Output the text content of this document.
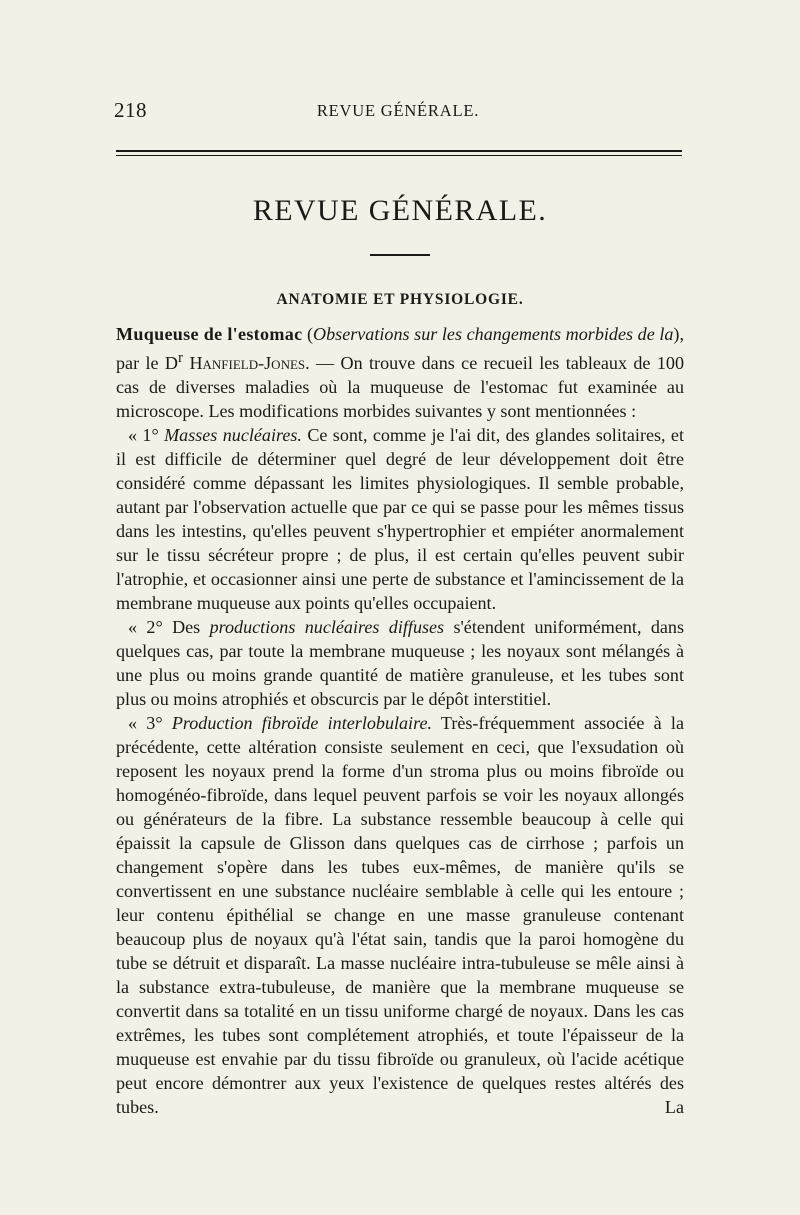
218	REVUE GÉNÉRALE.
REVUE GÉNÉRALE.
ANATOMIE ET PHYSIOLOGIE.

Muqueuse de l'estomac (Observations sur les changements morbides de la), par le $D^r$ Hanfield-Jones. — On trouve dans ce recueil les tableaux de 100 cas de diverses maladies où la muqueuse de l'estomac fut examinée au microscope. Les modifications morbides suivantes y sont mentionnées :

« 1° Masses nucléaires. Ce sont, comme je l'ai dit, des glandes solitaires, et il est difficile de déterminer quel degré de leur développement doit être considéré comme dépassant les limites physiologiques. Il semble probable, autant par l'observation actuelle que par ce qui se passe pour les mêmes tissus dans les intestins, qu'elles peuvent s'hypertrophier et empiéter anormalement sur le tissu sécréteur propre ; de plus, il est certain qu'elles peuvent subir l'atrophie, et occasionner ainsi une perte de substance et l'amincissement de la membrane muqueuse aux points qu'elles occupaient.

« 2° Des productions nucléaires diffuses s'étendent uniformément, dans quelques cas, par toute la membrane muqueuse ; les noyaux sont mélangés à une plus ou moins grande quantité de matière granuleuse, et les tubes sont plus ou moins atrophiés et obscurcis par le dépôt interstitiel.

« 3° Production fibroïde interlobulaire. Très-fréquemment associée à la précédente, cette altération consiste seulement en ceci, que l'exsudation où reposent les noyaux prend la forme d'un stroma plus ou moins fibroïde ou homogénéo-fibroïde, dans lequel peuvent parfois se voir les noyaux allongés ou générateurs de la fibre. La substance ressemble beaucoup à celle qui épaissit la capsule de Glisson dans quelques cas de cirrhose ; parfois un changement s'opère dans les tubes eux-mêmes, de manière qu'ils se convertissent en une substance nucléaire semblable à celle qui les entoure ; leur contenu épithélial se change en une masse granuleuse contenant beaucoup plus de noyaux qu'à l'état sain, tandis que la paroi homogène du tube se détruit et disparaît. La masse nucléaire intra-tubuleuse se mêle ainsi à la substance extra-tubuleuse, de manière que la membrane muqueuse se convertit dans sa totalité en un tissu uniforme chargé de noyaux. Dans les cas extrêmes, les tubes sont complétement atrophiés, et toute l'épaisseur de la muqueuse est envahie par du tissu fibroïde ou granuleux, où l'acide acétique peut encore démontrer aux yeux l'existence de quelques restes altérés des tubes. La
